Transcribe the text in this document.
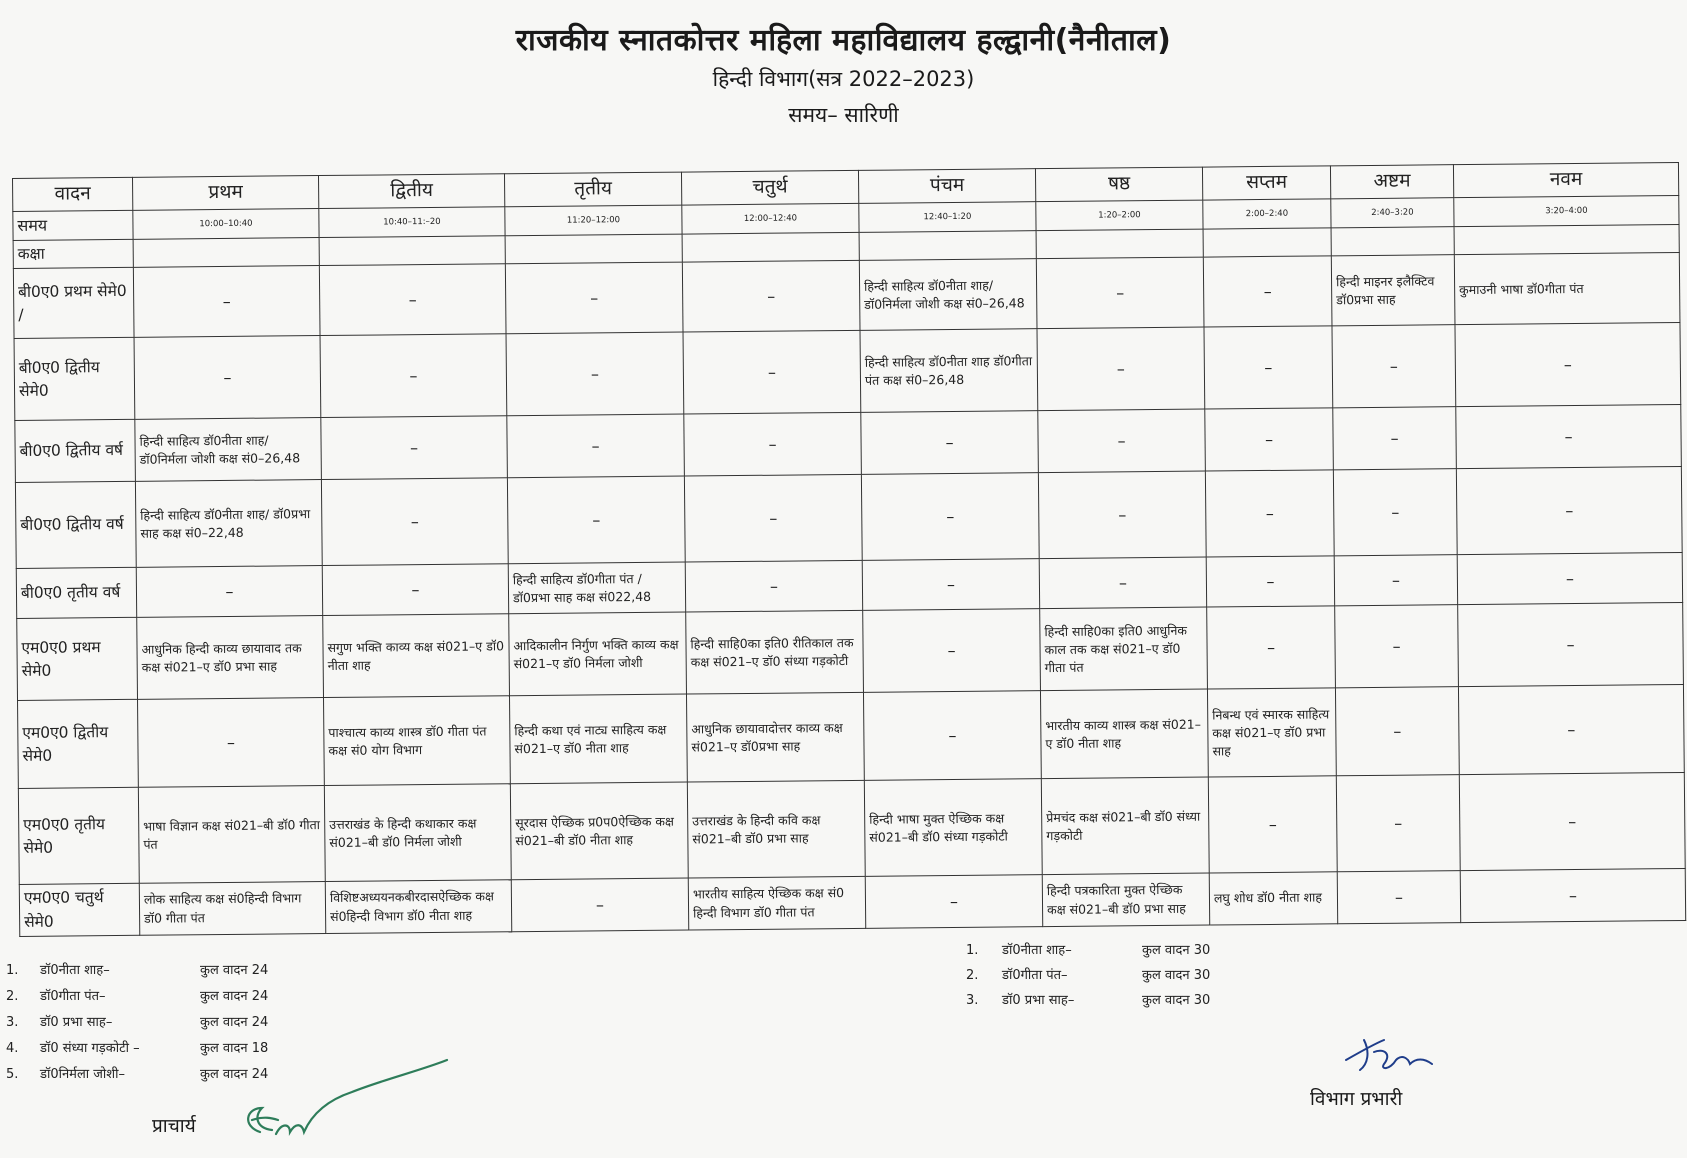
राजकीय स्नातकोत्तर महिला महाविद्यालय हल्द्वानी(नैनीताल)
हिन्दी विभाग(सत्र 2022–2023)
समय– सारिणी
वादन	प्रथम	द्वितीय	तृतीय	चतुर्थ	पंचम	षष्ठ	सप्तम	अष्टम	नवम
समय	10:00–10:40	10:40–11:–20	11:20–12:00	12:00–12:40	12:40–1:20	1:20–2:00	2:00–2:40	2:40–3:20	3:20–4:00
कक्षा									
बी0ए0 प्रथम सेमे0 /	–	–	–	–	हिन्दी साहित्य डॉ0नीता शाह/डॉ0निर्मला जोशी कक्ष सं0–26,48	–	–	हिन्दी माइनर इलैक्टिव डॉ0प्रभा साह	कुमाउनी भाषा डॉ0गीता पंत
बी0ए0 द्वितीय सेमे0	–	–	–	–	हिन्दी साहित्य डॉ0नीता शाह डॉ0गीता पंत कक्ष सं0–26,48	–	–	–	–
बी0ए0 द्वितीय वर्ष	हिन्दी साहित्य डॉ0नीता शाह/ डॉ0निर्मला जोशी कक्ष सं0–26,48	–	–	–	–	–	–	–	–
बी0ए0 द्वितीय वर्ष	हिन्दी साहित्य डॉ0नीता शाह/ डॉ0प्रभा साह कक्ष सं0–22,48	–	–	–	–	–	–	–	–
बी0ए0 तृतीय वर्ष	–	–	हिन्दी साहित्य डॉ0गीता पंत / डॉ0प्रभा साह कक्ष सं022,48	–	–	–	–	–	–
एम0ए0 प्रथम सेमे0	आधुनिक हिन्दी काव्य छायावाद तक कक्ष सं021–ए डॉ0 प्रभा साह	सगुण भक्ति काव्य कक्ष सं021–ए डॉ0 नीता शाह	आदिकालीन निर्गुण भक्ति काव्य कक्ष सं021–ए डॉ0 निर्मला जोशी	हिन्दी साहि0का इति0 रीतिकाल तक कक्ष सं021–ए डॉ0 संध्या गड़कोटी	–	हिन्दी साहि0का इति0 आधुनिक काल तक कक्ष सं021–ए डॉ0 गीता पंत	–	–	–
एम0ए0 द्वितीय सेमे0	–	पाश्चात्य काव्य शास्त्र डॉ0 गीता पंत कक्ष सं0 योग विभाग	हिन्दी कथा एवं नाट्य साहित्य कक्ष सं021–ए डॉ0 नीता शाह	आधुनिक छायावादोत्तर काव्य कक्ष सं021–ए डॉ0प्रभा साह	–	भारतीय काव्य शास्त्र कक्ष सं021–ए डॉ0 नीता शाह	निबन्ध एवं स्मारक साहित्य कक्ष सं021–ए डॉ0 प्रभा साह	–	–
एम0ए0 तृतीय सेमे0	भाषा विज्ञान कक्ष सं021–बी डॉ0 गीता पंत	उत्तराखंड के हिन्दी कथाकार कक्ष सं021–बी डॉ0 निर्मला जोशी	सूरदास ऐच्छिक प्र0प0ऐच्छिक कक्ष सं021–बी डॉ0 नीता शाह	उत्तराखंड के हिन्दी कवि कक्ष सं021–बी डॉ0 प्रभा साह	हिन्दी भाषा मुक्त ऐच्छिक कक्ष सं021–बी डॉ0 संध्या गड़कोटी	प्रेमचंद कक्ष सं021–बी डॉ0 संध्या गड़कोटी	–	–	–
एम0ए0 चतुर्थ सेमे0	लोक साहित्य कक्ष सं0हिन्दी विभाग डॉ0 गीता पंत	विशिष्टअध्ययनकबीरदासऐच्छिक कक्ष सं0हिन्दी विभाग डॉ0 नीता शाह	–	भारतीय साहित्य ऐच्छिक कक्ष सं0 हिन्दी विभाग डॉ0 गीता पंत	–	हिन्दी पत्रकारिता मुक्त ऐच्छिक कक्ष सं021–बी डॉ0 प्रभा साह	लघु शोध डॉ0 नीता शाह	–	–
1. डॉ0नीता शाह–	कुल वादन 24
2. डॉ0गीता पंत–	कुल वादन 24
3. डॉ0 प्रभा साह–	कुल वादन 24
4. डॉ0 संध्या गड़कोटी –	कुल वादन 18
5. डॉ0निर्मला जोशी–	कुल वादन 24
1. डॉ0नीता शाह–	कुल वादन 30
2. डॉ0गीता पंत–	कुल वादन 30
3. डॉ0 प्रभा साह–	कुल वादन 30
प्राचार्य
विभाग प्रभारी
